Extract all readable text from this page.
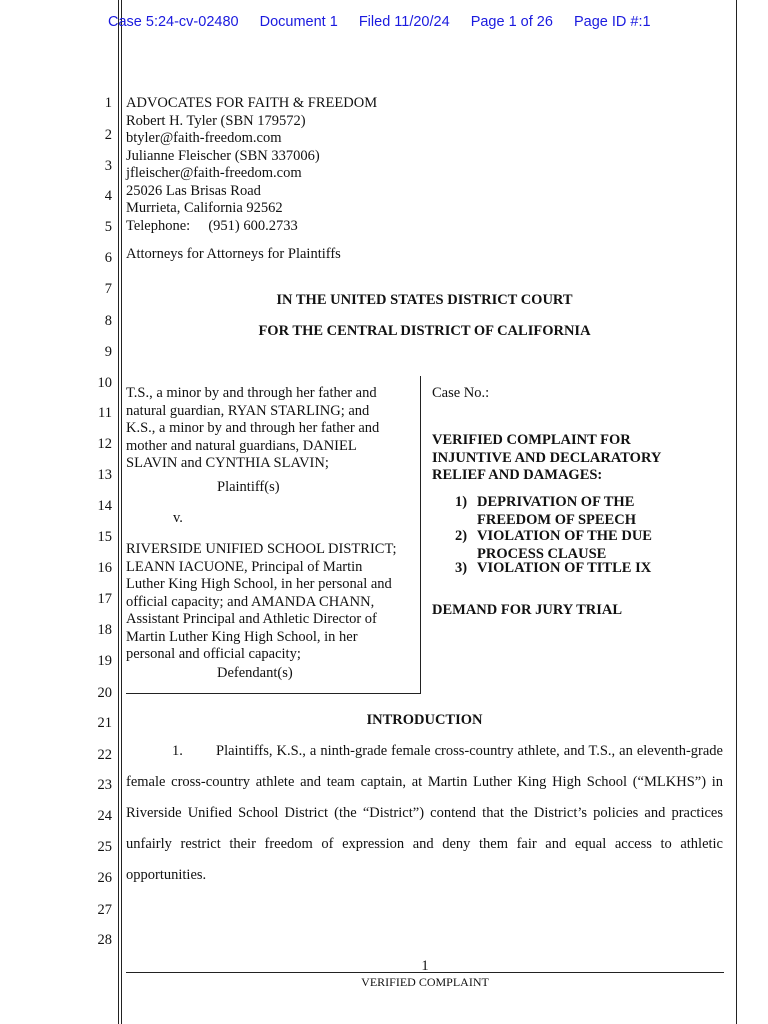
Case 5:24-cv-02480 Document 1 Filed 11/20/24 Page 1 of 26 Page ID #:1
1
2
3
4
5
6
7
8
9
10
11
12
13
14
15
16
17
18
19
20
21
22
23
24
25
26
27
28
ADVOCATES FOR FAITH & FREEDOM
Robert H. Tyler (SBN 179572)
btyler@faith-freedom.com
Julianne Fleischer (SBN 337006)
jfleischer@faith-freedom.com
25026 Las Brisas Road
Murrieta, California 92562
Telephone:     (951) 600.2733
Attorneys for Attorneys for Plaintiffs
IN THE UNITED STATES DISTRICT COURT
FOR THE CENTRAL DISTRICT OF CALIFORNIA
T.S., a minor by and through her father and
natural guardian, RYAN STARLING; and
K.S., a minor by and through her father and
mother and natural guardians, DANIEL
SLAVIN and CYNTHIA SLAVIN;
Plaintiff(s)
v.
RIVERSIDE UNIFIED SCHOOL DISTRICT;
LEANN IACUONE, Principal of Martin
Luther King High School, in her personal and
official capacity; and AMANDA CHANN,
Assistant Principal and Athletic Director of
Martin Luther King High School, in her
personal and official capacity;
Defendant(s)
Case No.:
VERIFIED COMPLAINT FOR
INJUNTIVE AND DECLARATORY
RELIEF AND DAMAGES:
1) DEPRIVATION OF THE
FREEDOM OF SPEECH
2) VIOLATION OF THE DUE
PROCESS CLAUSE
3) VIOLATION OF TITLE IX
DEMAND FOR JURY TRIAL
INTRODUCTION
1. Plaintiffs, K.S., a ninth-grade female cross-country athlete, and T.S., an eleventh-grade female cross-country athlete and team captain, at Martin Luther King High School (“MLKHS”) in Riverside Unified School District (the “District”) contend that the District’s policies and practices unfairly restrict their freedom of expression and deny them fair and equal access to athletic opportunities.
1
VERIFIED COMPLAINT
